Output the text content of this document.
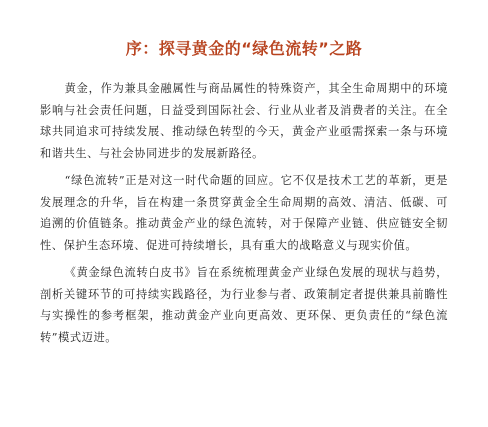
序：探寻黄金的“绿色流转”之路

黄金，作为兼具金融属性与商品属性的特殊资产，其全生命周期中的环境影响与社会责任问题，日益受到国际社会、行业从业者及消费者的关注。在全球共同追求可持续发展、推动绿色转型的今天，黄金产业亟需探索一条与环境和谐共生、与社会协同进步的发展新路径。

“绿色流转”正是对这一时代命题的回应。它不仅是技术工艺的革新，更是发展理念的升华，旨在构建一条贯穿黄金全生命周期的高效、清洁、低碳、可追溯的价值链条。推动黄金产业的绿色流转，对于保障产业链、供应链安全韧性、保护生态环境、促进可持续增长，具有重大的战略意义与现实价值。

《黄金绿色流转白皮书》旨在系统梳理黄金产业绿色发展的现状与趋势，剖析关键环节的可持续实践路径，为行业参与者、政策制定者提供兼具前瞻性与实操性的参考框架，推动黄金产业向更高效、更环保、更负责任的“绿色流转”模式迈进。
